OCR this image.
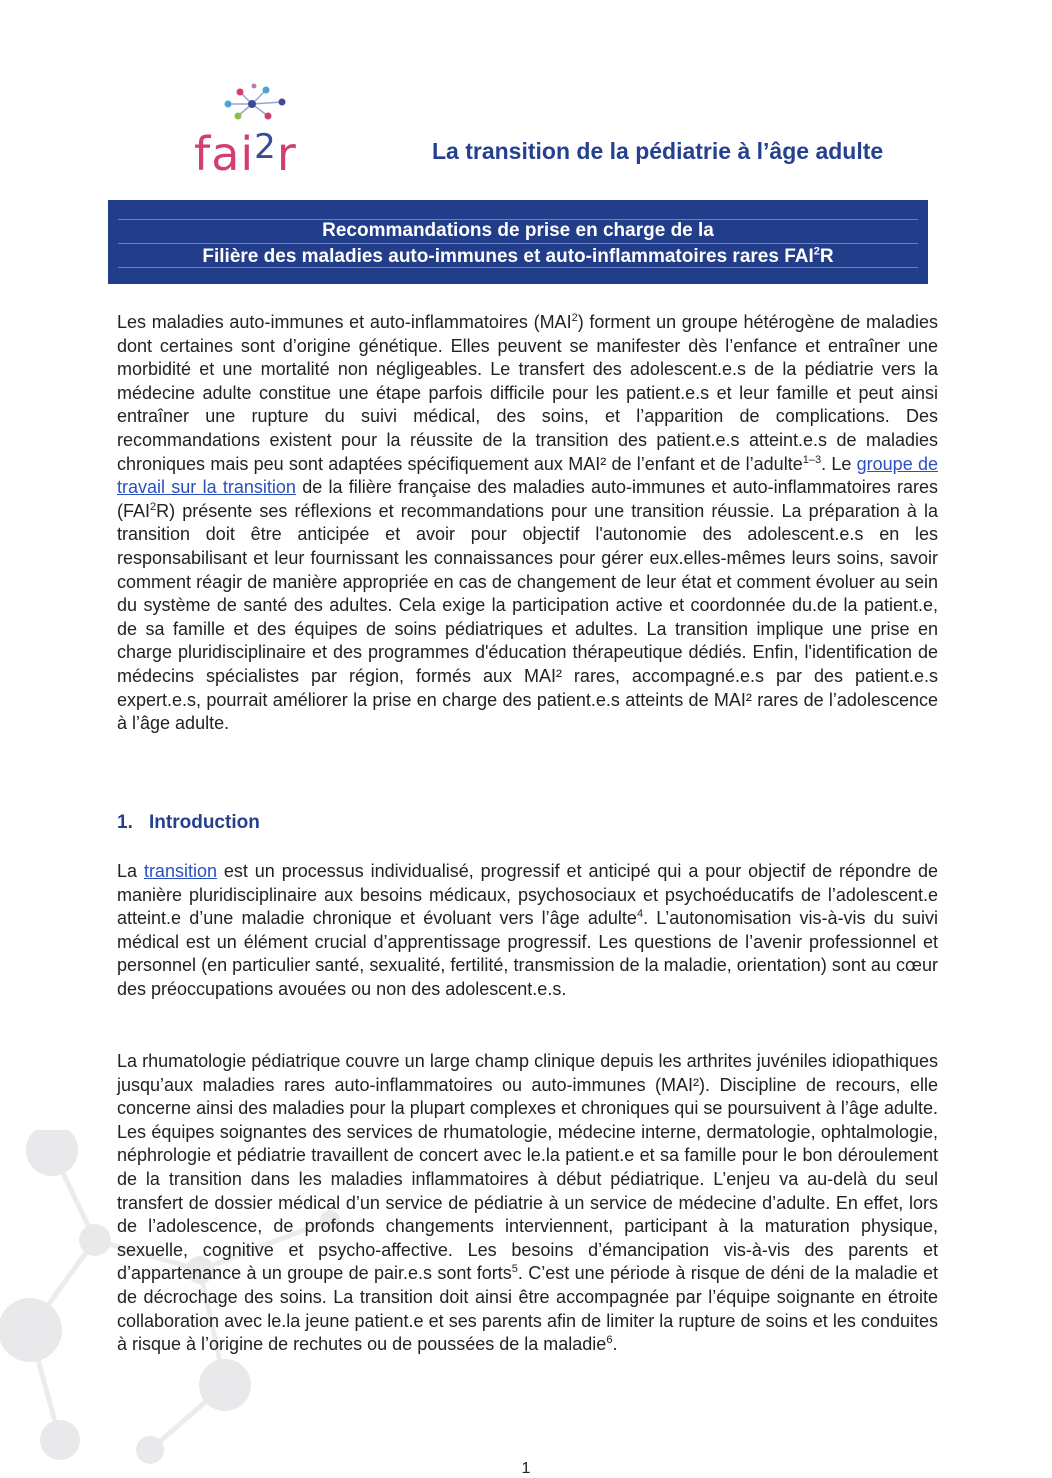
fai$^2$r	La transition de la pédiatrie à l’âge adulte
Recommandations de prise en charge de la
Filière des maladies auto-immunes et auto-inflammatoires rares FAI$^2$R
Les maladies auto-immunes et auto-inflammatoires (MAI$^2$) forment un groupe hétérogène de maladies dont certaines sont d’origine génétique. Elles peuvent se manifester dès l’enfance et entraîner une morbidité et une mortalité non négligeables. Le transfert des adolescent.e.s de la pédiatrie vers la médecine adulte constitue une étape parfois difficile pour les patient.e.s et leur famille et peut ainsi entraîner une rupture du suivi médical, des soins, et l’apparition de complications. Des recommandations existent pour la réussite de la transition des patient.e.s atteint.e.s de maladies chroniques mais peu sont adaptées spécifiquement aux MAI² de l’enfant et de l’adulte$^{1-3}$. Le groupe de travail sur la transition de la filière française des maladies auto-immunes et auto-inflammatoires rares (FAI$^2$R) présente ses réflexions et recommandations pour une transition réussie. La préparation à la transition doit être anticipée et avoir pour objectif l'autonomie des adolescent.e.s en les responsabilisant et leur fournissant les connaissances pour gérer eux.elles-mêmes leurs soins, savoir comment réagir de manière appropriée en cas de changement de leur état et comment évoluer au sein du système de santé des adultes. Cela exige la participation active et coordonnée du.de la patient.e, de sa famille et des équipes de soins pédiatriques et adultes. La transition implique une prise en charge pluridisciplinaire et des programmes d'éducation thérapeutique dédiés. Enfin, l'identification de médecins spécialistes par région, formés aux MAI² rares, accompagné.e.s par des patient.e.s expert.e.s, pourrait améliorer la prise en charge des patient.e.s atteints de MAI² rares de l’adolescence à l’âge adulte.
1. Introduction
La transition est un processus individualisé, progressif et anticipé qui a pour objectif de répondre de manière pluridisciplinaire aux besoins médicaux, psychosociaux et psychoéducatifs de l’adolescent.e atteint.e d’une maladie chronique et évoluant vers l’âge adulte$^4$. L’autonomisation vis-à-vis du suivi médical est un élément crucial d’apprentissage progressif. Les questions de l’avenir professionnel et personnel (en particulier santé, sexualité, fertilité, transmission de la maladie, orientation) sont au cœur des préoccupations avouées ou non des adolescent.e.s.
La rhumatologie pédiatrique couvre un large champ clinique depuis les arthrites juvéniles idiopathiques jusqu’aux maladies rares auto-inflammatoires ou auto-immunes (MAI²). Discipline de recours, elle concerne ainsi des maladies pour la plupart complexes et chroniques qui se poursuivent à l’âge adulte. Les équipes soignantes des services de rhumatologie, médecine interne, dermatologie, ophtalmologie, néphrologie et pédiatrie travaillent de concert avec le.la patient.e et sa famille pour le bon déroulement de la transition dans les maladies inflammatoires à début pédiatrique. L’enjeu va au-delà du seul transfert de dossier médical d’un service de pédiatrie à un service de médecine d’adulte. En effet, lors de l’adolescence, de profonds changements interviennent, participant à la maturation physique, sexuelle, cognitive et psycho-affective. Les besoins d’émancipation vis-à-vis des parents et d’appartenance à un groupe de pair.e.s sont forts$^5$. C’est une période à risque de déni de la maladie et de décrochage des soins. La transition doit ainsi être accompagnée par l’équipe soignante en étroite collaboration avec le.la jeune patient.e et ses parents afin de limiter la rupture de soins et les conduites à risque à l’origine de rechutes ou de poussées de la maladie$^6$.
1
